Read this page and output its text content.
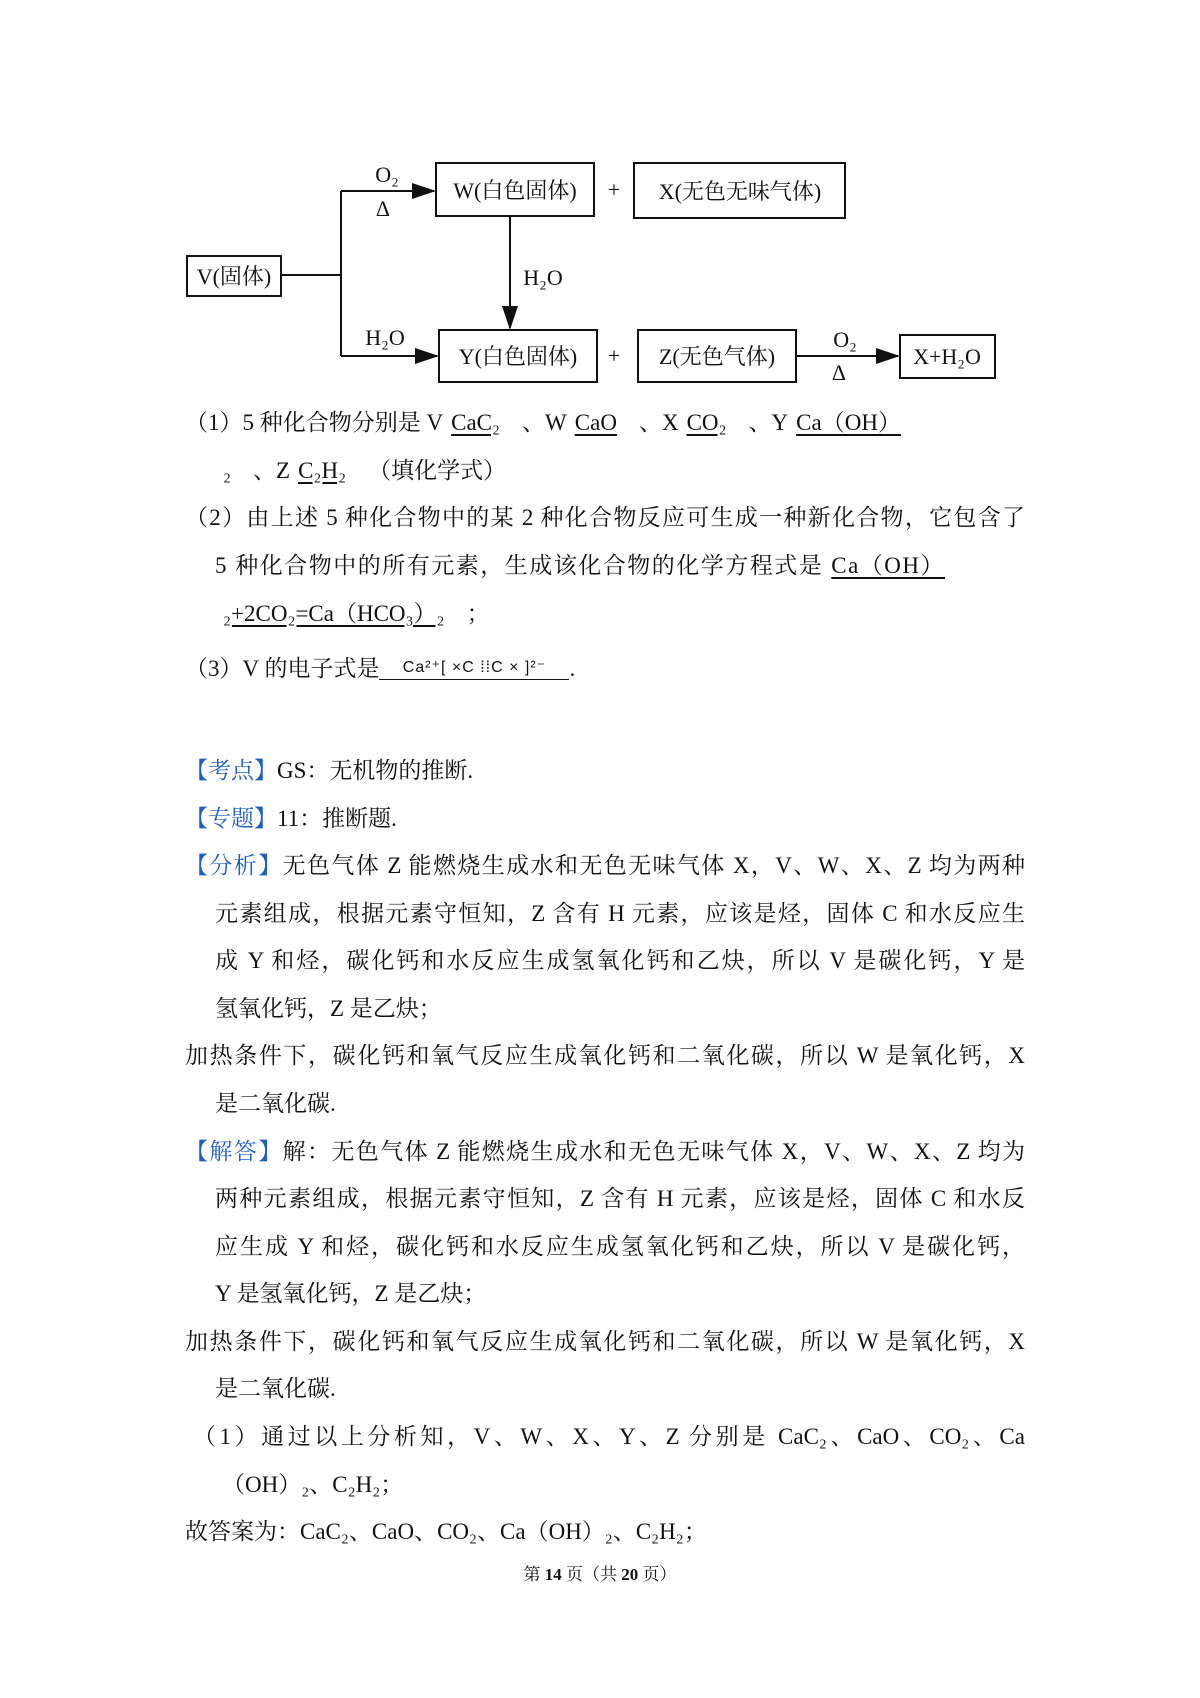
V(固体)
W(白色固体)	X(无色无味气体)
Y(白色固体)	Z(无色气体)	X+H₂O
+
+
O₂
Δ
H₂O
H₂O	O₂
Δ
（1）5 种化合物分别是 V CaC₂ 、W CaO 、X CO₂ 、Y Ca（OH）
₂ 、Z C₂H₂ （填化学式）
（2）由上述 5 种化合物中的某 2 种化合物反应可生成一种新化合物，它包含了
5 种化合物中的所有元素，生成该化合物的化学方程式是 Ca（OH）
₂+2CO₂=Ca（HCO₃）₂ ；
（3）V 的电子式是 Ca²⁺[ ×C ⁞⁞C × ]²⁻ .
【考点】GS：无机物的推断.
【专题】11：推断题.
【分析】无色气体 Z 能燃烧生成水和无色无味气体 X，V、W、X、Z 均为两种
元素组成，根据元素守恒知，Z 含有 H 元素，应该是烃，固体 C 和水反应生
成 Y 和烃，碳化钙和水反应生成氢氧化钙和乙炔，所以 V 是碳化钙，Y 是
氢氧化钙，Z 是乙炔；
加热条件下，碳化钙和氧气反应生成氧化钙和二氧化碳，所以 W 是氧化钙，X
是二氧化碳.
【解答】解：无色气体 Z 能燃烧生成水和无色无味气体 X，V、W、X、Z 均为
两种元素组成，根据元素守恒知，Z 含有 H 元素，应该是烃，固体 C 和水反
应生成 Y 和烃，碳化钙和水反应生成氢氧化钙和乙炔，所以 V 是碳化钙，
Y 是氢氧化钙，Z 是乙炔；
加热条件下，碳化钙和氧气反应生成氧化钙和二氧化碳，所以 W 是氧化钙，X
是二氧化碳.
（1）通过以上分析知，V、W、X、Y、Z 分别是 CaC₂、CaO、CO₂、Ca
（OH）₂、C₂H₂；
故答案为：CaC₂、CaO、CO₂、Ca（OH）₂、C₂H₂；
第 14 页（共 20 页）
